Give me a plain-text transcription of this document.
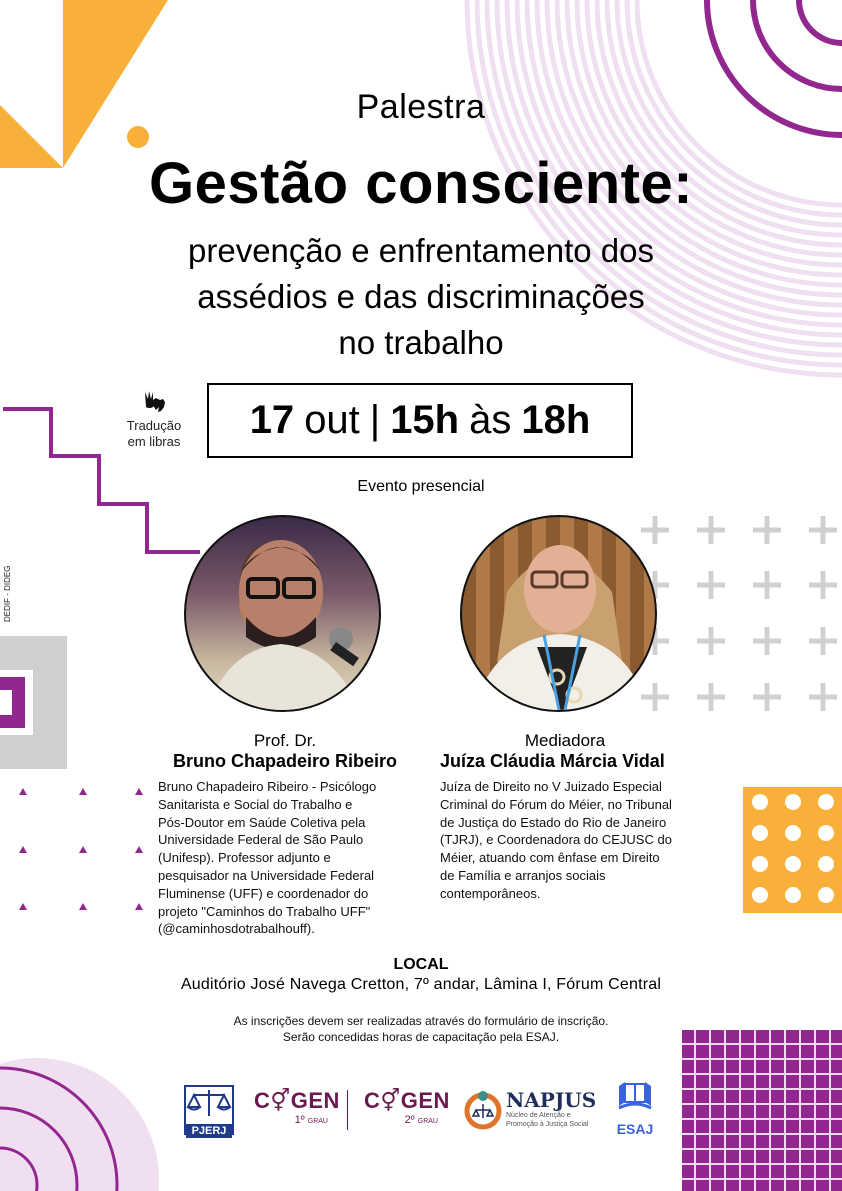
Palestra
Gestão consciente:
prevenção e enfrentamento dos
assédios e das discriminações
no trabalho
Tradução
em libras 17 out | 15h às 18h
Evento presencial
DEDIF - DIDEG
Prof. Dr.
Bruno Chapadeiro Ribeiro
Bruno Chapadeiro Ribeiro - Psicólogo
Sanitarista e Social do Trabalho e
Pós-Doutor em Saúde Coletiva pela
Universidade Federal de São Paulo
(Unifesp). Professor adjunto e
pesquisador na Universidade Federal
Fluminense (UFF) e coordenador do
projeto "Caminhos do Trabalho UFF"
(@caminhosdotrabalhouff).
Mediadora
Juíza Cláudia Márcia Vidal
Juíza de Direito no V Juizado Especial
Criminal do Fórum do Méier, no Tribunal
de Justiça do Estado do Rio de Janeiro
(TJRJ), e Coordenadora do CEJUSC do
Méier, atuando com ênfase em Direito
de Família e arranjos sociais
contemporâneos.
LOCAL
Auditório José Navega Cretton, 7º andar, Lâmina I, Fórum Central
As inscrições devem ser realizadas através do formulário de inscrição.
Serão concedidas horas de capacitação pela ESAJ.
PJERJ
C⚥GEN
1º GRAU
C⚥GEN
2º GRAU
NAPJUS
Núcleo de Atenção e
Promoção à Justiça Social	ESAJ
